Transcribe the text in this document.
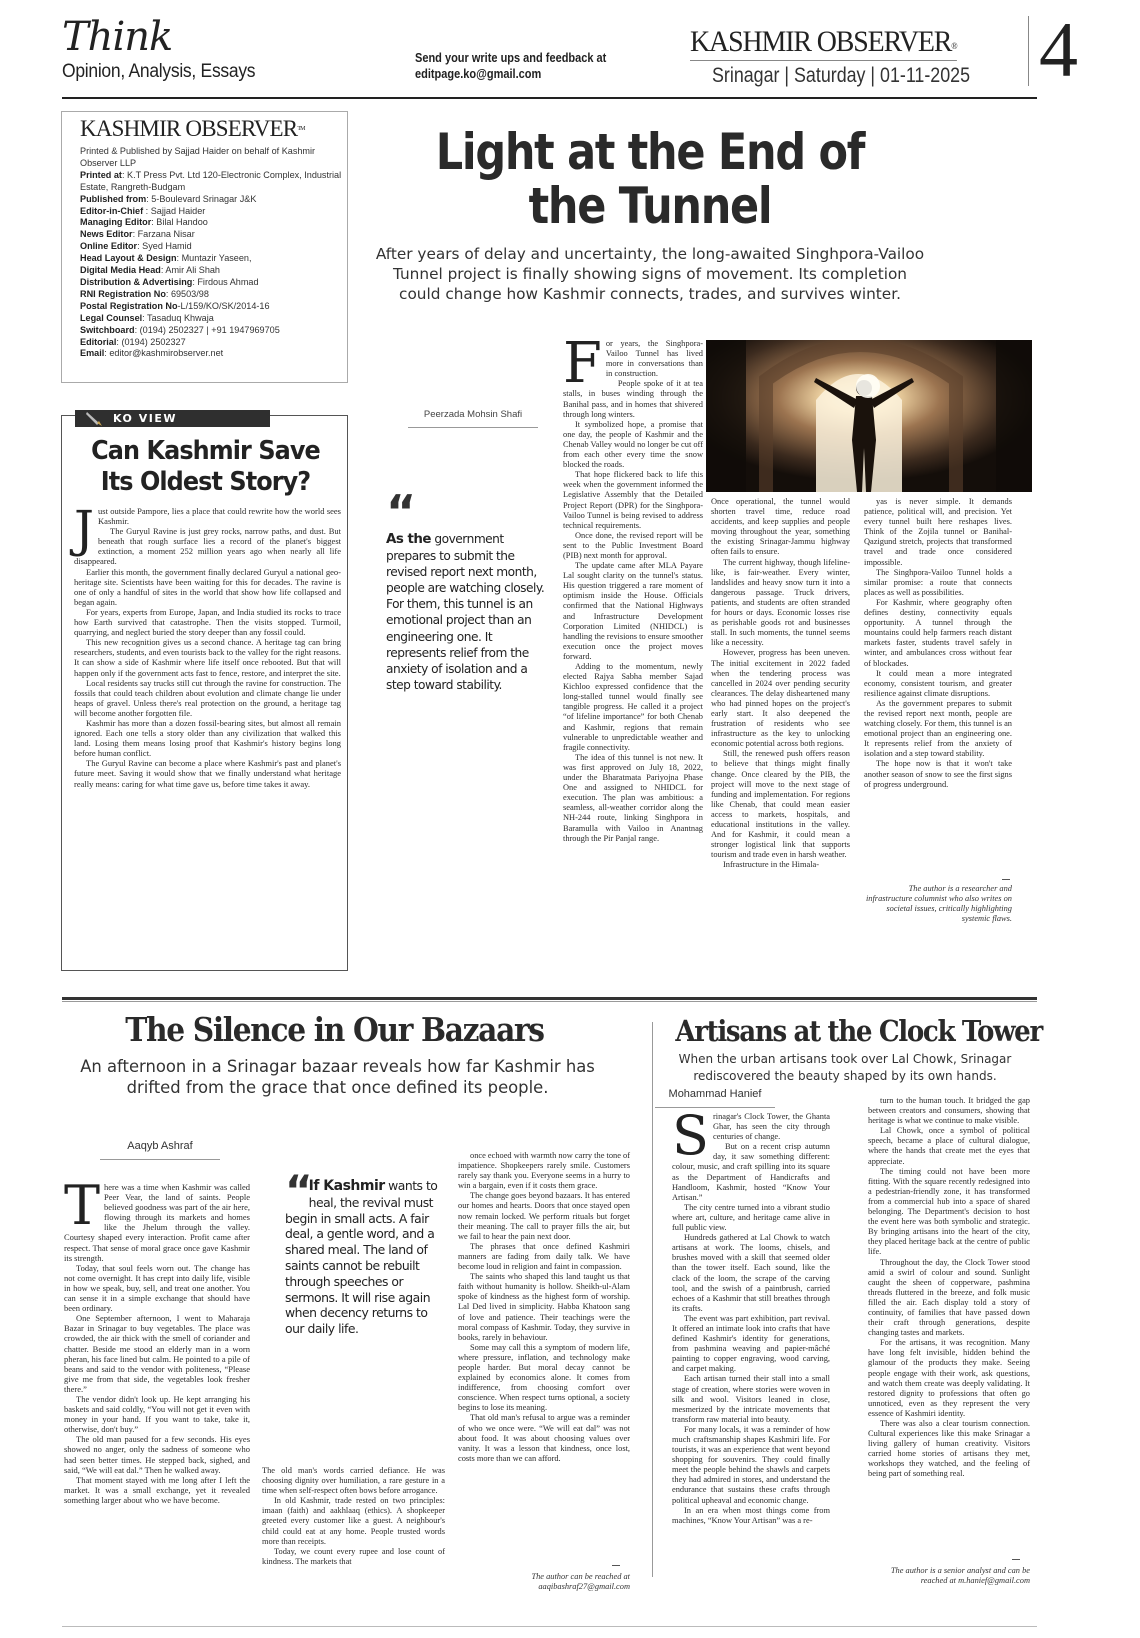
Think
Opinion, Analysis, Essays
Send your write ups and feedback at
editpage.ko@gmail.com
KASHMIR OBSERVER®
Srinagar | Saturday | 01-11-2025 4
KASHMIR OBSERVER™
Printed & Published by Sajjad Haider on behalf of Kashmir Observer LLP
Printed at: K.T Press Pvt. Ltd 120-Electronic Complex, Industrial Estate, Rangreth-Budgam
Published from: 5-Boulevard Srinagar J&K
Editor-in-Chief : Sajjad Haider
Managing Editor: Bilal Handoo
News Editor: Farzana Nisar
Online Editor: Syed Hamid
Head Layout & Design: Muntazir Yaseen,
Digital Media Head: Amir Ali Shah
Distribution & Advertising: Firdous Ahmad
RNI Registration No: 69503/98
Postal Registration No-L/159/KO/SK/2014-16
Legal Counsel: Tasaduq Khwaja
Switchboard: (0194) 2502327 | +91 1947969705
Editorial: (0194) 2502327
Email: editor@kashmirobserver.net
KO VIEW
Can Kashmir Save Its Oldest Story?
J ust outside Pampore, lies a place that could rewrite how the world sees Kashmir.

The Guryul Ravine is just grey rocks, narrow paths, and dust. But beneath that rough surface lies a record of the planet's biggest extinction, a moment 252 million years ago when nearly all life disappeared.

Earlier this month, the government finally declared Guryul a national geo-heritage site. Scientists have been waiting for this for decades. The ravine is one of only a handful of sites in the world that show how life collapsed and began again.

For years, experts from Europe, Japan, and India studied its rocks to trace how Earth survived that catastrophe. Then the visits stopped. Turmoil, quarrying, and neglect buried the story deeper than any fossil could.

This new recognition gives us a second chance. A heritage tag can bring researchers, students, and even tourists back to the valley for the right reasons. It can show a side of Kashmir where life itself once rebooted. But that will happen only if the government acts fast to fence, restore, and interpret the site.

Local residents say trucks still cut through the ravine for construction. The fossils that could teach children about evolution and climate change lie under heaps of gravel. Unless there's real protection on the ground, a heritage tag will become another forgotten file.

Kashmir has more than a dozen fossil-bearing sites, but almost all remain ignored. Each one tells a story older than any civilization that walked this land. Losing them means losing proof that Kashmir's history begins long before human conflict.

The Guryul Ravine can become a place where Kashmir's past and planet's future meet. Saving it would show that we finally understand what heritage really means: caring for what time gave us, before time takes it away.

Light at the End of the Tunnel
After years of delay and uncertainty, the long-awaited Singhpora-Vailoo Tunnel project is finally showing signs of movement. Its completion could change how Kashmir connects, trades, and survives winter.
Peerzada Mohsin Shafi
“
As the government prepares to submit the revised report next month, people are watching closely. For them, this tunnel is an emotional project than an engineering one. It represents relief from the anxiety of isolation and a step toward stability.
F or years, the Singhpora-Vailoo Tunnel has lived more in conversations than in construction.

People spoke of it at tea stalls, in buses winding through the Banihal pass, and in homes that shivered through long winters.

It symbolized hope, a promise that one day, the people of Kashmir and the Chenab Valley would no longer be cut off from each other every time the snow blocked the roads.

That hope flickered back to life this week when the government informed the Legislative Assembly that the Detailed Project Report (DPR) for the Singhpora-Vailoo Tunnel is being revised to address technical requirements.

Once done, the revised report will be sent to the Public Investment Board (PIB) next month for approval.

The update came after MLA Payare Lal sought clarity on the tunnel's status. His question triggered a rare moment of optimism inside the House. Officials confirmed that the National Highways and Infrastructure Development Corporation Limited (NHIDCL) is handling the revisions to ensure smoother execution once the project moves forward.

Adding to the momentum, newly elected Rajya Sabha member Sajad Kichloo expressed confidence that the long-stalled tunnel would finally see tangible progress. He called it a project “of lifeline importance” for both Chenab and Kashmir, regions that remain vulnerable to unpredictable weather and fragile connectivity.

The idea of this tunnel is not new. It was first approved on July 18, 2022, under the Bharatmata Pariyojna Phase One and assigned to NHIDCL for execution. The plan was ambitious: a seamless, all-weather corridor along the NH-244 route, linking Singhpora in Baramulla with Vailoo in Anantnag through the Pir Panjal range.

Once operational, the tunnel would shorten travel time, reduce road accidents, and keep supplies and people moving throughout the year, something the existing Srinagar-Jammu highway often fails to ensure.

The current highway, though lifeline-like, is fair-weather. Every winter, landslides and heavy snow turn it into a dangerous passage. Truck drivers, patients, and students are often stranded for hours or days. Economic losses rise as perishable goods rot and businesses stall. In such moments, the tunnel seems like a necessity.

However, progress has been uneven. The initial excitement in 2022 faded when the tendering process was cancelled in 2024 over pending security clearances. The delay disheartened many who had pinned hopes on the project's early start. It also deepened the frustration of residents who see infrastructure as the key to unlocking economic potential across both regions.

Still, the renewed push offers reason to believe that things might finally change. Once cleared by the PIB, the project will move to the next stage of funding and implementation. For regions like Chenab, that could mean easier access to markets, hospitals, and educational institutions in the valley. And for Kashmir, it could mean a stronger logistical link that supports tourism and trade even in harsh weather.

Infrastructure in the Himala-

yas is never simple. It demands patience, political will, and precision. Yet every tunnel built here reshapes lives. Think of the Zojila tunnel or Banihal-Qazigund stretch, projects that transformed travel and trade once considered impossible.

The Singhpora-Vailoo Tunnel holds a similar promise: a route that connects places as well as possibilities.

For Kashmir, where geography often defines destiny, connectivity equals opportunity. A tunnel through the mountains could help farmers reach distant markets faster, students travel safely in winter, and ambulances cross without fear of blockades.

It could mean a more integrated economy, consistent tourism, and greater resilience against climate disruptions.

As the government prepares to submit the revised report next month, people are watching closely. For them, this tunnel is an emotional project than an engineering one. It represents relief from the anxiety of isolation and a step toward stability.

The hope now is that it won't take another season of snow to see the first signs of progress underground.

The author is a researcher and infrastructure columnist who also writes on societal issues, critically highlighting systemic flaws.
The Silence in Our Bazaars
An afternoon in a Srinagar bazaar reveals how far Kashmir has drifted from the grace that once defined its people.
Aaqyb Ashraf
T here was a time when Kashmir was called Peer Vear, the land of saints. People believed goodness was part of the air here, flowing through its markets and homes like the Jhelum through the valley. Courtesy shaped every interaction. Profit came after respect. That sense of moral grace once gave Kashmir its strength.

Today, that soul feels worn out. The change has not come overnight. It has crept into daily life, visible in how we speak, buy, sell, and treat one another. You can sense it in a simple exchange that should have been ordinary.

One September afternoon, I went to Maharaja Bazar in Srinagar to buy vegetables. The place was crowded, the air thick with the smell of coriander and chatter. Beside me stood an elderly man in a worn pheran, his face lined but calm. He pointed to a pile of beans and said to the vendor with politeness, “Please give me from that side, the vegetables look fresher there.”

The vendor didn't look up. He kept arranging his baskets and said coldly, “You will not get it even with money in your hand. If you want to take, take it, otherwise, don't buy.”

The old man paused for a few seconds. His eyes showed no anger, only the sadness of someone who had seen better times. He stepped back, sighed, and said, “We will eat dal.” Then he walked away.

That moment stayed with me long after I left the market. It was a small exchange, yet it revealed something larger about who we have become.

“ If Kashmir wants to heal, the revival must begin in small acts. A fair deal, a gentle word, and a shared meal. The land of saints cannot be rebuilt through speeches or sermons. It will rise again when decency returns to our daily life.

The old man's words carried defiance. He was choosing dignity over humiliation, a rare gesture in a time when self-respect often bows before arrogance.

In old Kashmir, trade rested on two principles: imaan (faith) and aakhlaaq (ethics). A shopkeeper greeted every customer like a guest. A neighbour's child could eat at any home. People trusted words more than receipts.

Today, we count every rupee and lose count of kindness. The markets that

once echoed with warmth now carry the tone of impatience. Shopkeepers rarely smile. Customers rarely say thank you. Everyone seems in a hurry to win a bargain, even if it costs them grace.

The change goes beyond bazaars. It has entered our homes and hearts. Doors that once stayed open now remain locked. We perform rituals but forget their meaning. The call to prayer fills the air, but we fail to hear the pain next door.

The phrases that once defined Kashmiri manners are fading from daily talk. We have become loud in religion and faint in compassion.

The saints who shaped this land taught us that faith without humanity is hollow. Sheikh-ul-Alam spoke of kindness as the highest form of worship. Lal Ded lived in simplicity. Habba Khatoon sang of love and patience. Their teachings were the moral compass of Kashmir. Today, they survive in books, rarely in behaviour.

Some may call this a symptom of modern life, where pressure, inflation, and technology make people harder. But moral decay cannot be explained by economics alone. It comes from indifference, from choosing comfort over conscience. When respect turns optional, a society begins to lose its meaning.

That old man's refusal to argue was a reminder of who we once were. “We will eat dal” was not about food. It was about choosing values over vanity. It was a lesson that kindness, once lost, costs more than we can afford.

The author can be reached at aaqibashraf27@gmail.com
Artisans at the Clock Tower
When the urban artisans took over Lal Chowk, Srinagar rediscovered the beauty shaped by its own hands.
Mohammad Hanief
S rinagar's Clock Tower, the Ghanta Ghar, has seen the city through centuries of change.

But on a recent crisp autumn day, it saw something different: colour, music, and craft spilling into its square as the Department of Handicrafts and Handloom, Kashmir, hosted “Know Your Artisan.”

The city centre turned into a vibrant studio where art, culture, and heritage came alive in full public view.

Hundreds gathered at Lal Chowk to watch artisans at work. The looms, chisels, and brushes moved with a skill that seemed older than the tower itself. Each sound, like the clack of the loom, the scrape of the carving tool, and the swish of a paintbrush, carried echoes of a Kashmir that still breathes through its crafts.

The event was part exhibition, part revival. It offered an intimate look into crafts that have defined Kashmir's identity for generations, from pashmina weaving and papier-mâché painting to copper engraving, wood carving, and carpet making.

Each artisan turned their stall into a small stage of creation, where stories were woven in silk and wool. Visitors leaned in close, mesmerized by the intricate movements that transform raw material into beauty.

For many locals, it was a reminder of how much craftsmanship shapes Kashmiri life. For tourists, it was an experience that went beyond shopping for souvenirs. They could finally meet the people behind the shawls and carpets they had admired in stores, and understand the endurance that sustains these crafts through political upheaval and economic change.

In an era when most things come from machines, “Know Your Artisan” was a re-

turn to the human touch. It bridged the gap between creators and consumers, showing that heritage is what we continue to make visible.

Lal Chowk, once a symbol of political speech, became a place of cultural dialogue, where the hands that create met the eyes that appreciate.

The timing could not have been more fitting. With the square recently redesigned into a pedestrian-friendly zone, it has transformed from a commercial hub into a space of shared belonging. The Department's decision to host the event here was both symbolic and strategic. By bringing artisans into the heart of the city, they placed heritage back at the centre of public life.

Throughout the day, the Clock Tower stood amid a swirl of colour and sound. Sunlight caught the sheen of copperware, pashmina threads fluttered in the breeze, and folk music filled the air. Each display told a story of continuity, of families that have passed down their craft through generations, despite changing tastes and markets.

For the artisans, it was recognition. Many have long felt invisible, hidden behind the glamour of the products they make. Seeing people engage with their work, ask questions, and watch them create was deeply validating. It restored dignity to professions that often go unnoticed, even as they represent the very essence of Kashmiri identity.

There was also a clear tourism connection. Cultural experiences like this make Srinagar a living gallery of human creativity. Visitors carried home stories of artisans they met, workshops they watched, and the feeling of being part of something real.

The author is a senior analyst and can be reached at m.hanief@gmail.com
